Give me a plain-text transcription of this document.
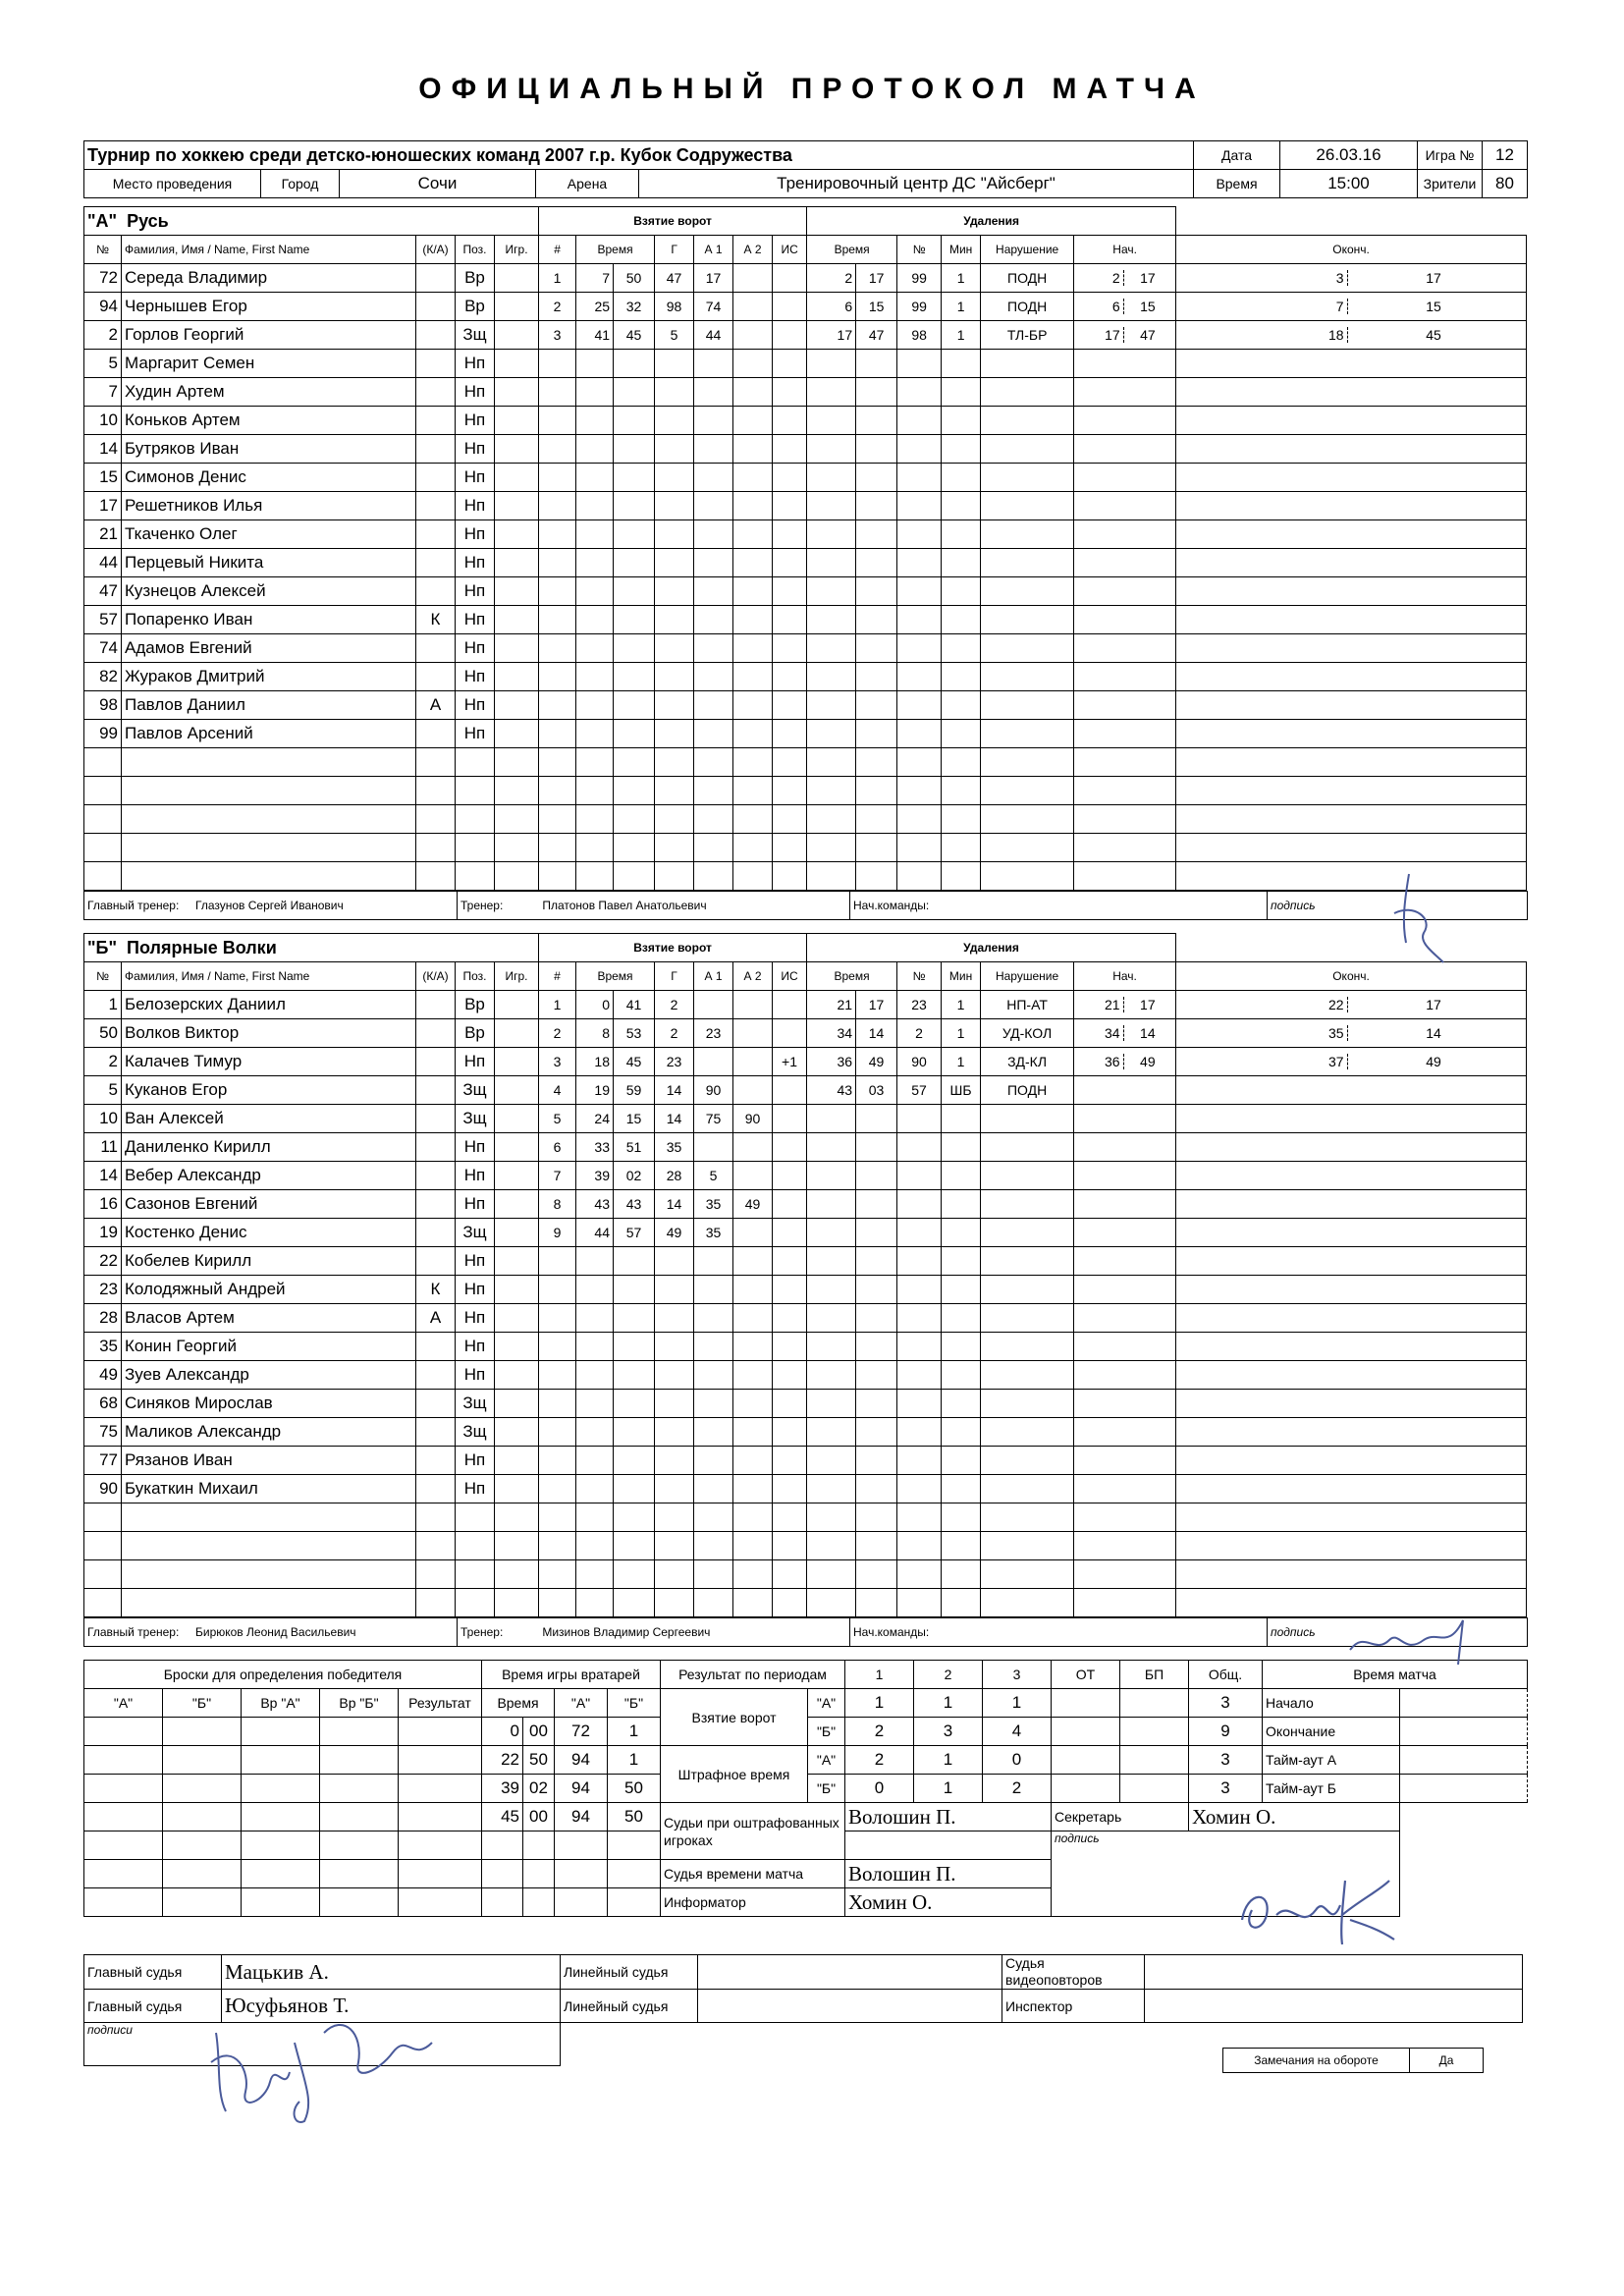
ОФИЦИАЛЬНЫЙ ПРОТОКОЛ МАТЧА
Турнир по хоккею среди детско-юношеских команд 2007 г.р. Кубок Содружества					Дата	26.03.16	Игра №	12
Место проведения	Город	Сочи	Арена	Тренировочный центр ДС "Айсберг"	Время	15:00	Зрители	80
"А" Русь					Взятие ворот							Удаления						
№	Фамилия, Имя / Name, First Name	(К/А)	Поз.	Игр.	#	Время		Г	А 1	А 2	ИС	Время		№	Мин	Нарушение	Нач.	Оконч.
72	Середа Владимир		Вр		1	7	50	47	17			2	17	99	1	ПОДН	2 17	3 17
94	Чернышев Егор		Вр		2	25	32	98	74			6	15	99	1	ПОДН	6 15	7 15
2	Горлов Георгий		Зщ		3	41	45	5	44			17	47	98	1	ТЛ-БР	17 47	18 45
5	Маргарит Семен		Нп															
7	Худин Артем		Нп															
10	Коньков Артем		Нп															
14	Бутряков Иван		Нп															
15	Симонов Денис		Нп															
17	Решетников Илья		Нп															
21	Ткаченко Олег		Нп															
44	Перцевый Никита		Нп															
47	Кузнецов Алексей		Нп															
57	Попаренко Иван	К	Нп															
74	Адамов Евгений		Нп															
82	Жураков Дмитрий		Нп															
98	Павлов Даниил	А	Нп															
99	Павлов Арсений		Нп															

Главный тренер: Глазунов Сергей Иванович	Тренер:	Платонов Павел Анатольевич	Нач.команды:	подпись
"Б" Полярные Волки					Взятие ворот							Удаления						
№	Фамилия, Имя / Name, First Name	(К/А)	Поз.	Игр.	#	Время		Г	А 1	А 2	ИС	Время		№	Мин	Нарушение	Нач.	Оконч.
1	Белозерских Даниил		Вр		1	0	41	2				21	17	23	1	НП-АТ	21 17	22 17
50	Волков Виктор		Вр		2	8	53	2	23			34	14	2	1	УД-КОЛ	34 14	35 14
2	Калачев Тимур		Нп		3	18	45	23			+1	36	49	90	1	ЗД-КЛ	36 49	37 49
5	Куканов Егор		Зщ		4	19	59	14	90			43	03	57	ШБ	ПОДН		
10	Ван Алексей		Зщ		5	24	15	14	75	90								
11	Даниленко Кирилл		Нп		6	33	51	35										
14	Вебер Александр		Нп		7	39	02	28	5									
16	Сазонов Евгений		Нп		8	43	43	14	35	49								
19	Костенко Денис		Зщ		9	44	57	49	35									
22	Кобелев Кирилл		Нп															
23	Колодяжный Андрей	К	Нп															
28	Власов Артем	А	Нп															
35	Конин Георгий		Нп															
49	Зуев Александр		Нп															
68	Синяков Мирослав		Зщ															
75	Маликов Александр		Зщ															
77	Рязанов Иван		Нп															
90	Букаткин Михаил		Нп															

Главный тренер: Бирюков Леонид Васильевич	Тренер:	Мизинов Владимир Сергеевич	Нач.команды:	подпись
Броски для определения победителя					Время игры вратарей				Результат по периодам		1	2	3	ОТ	БП	Общ.	Время матча	
"А"	"Б"	Вр "А"	Вр "Б"	Результат	Время		"А"	"Б"	Взятие ворот	"А"	1	1	1			3	Начало	
					0	00	72	1		"Б"	2	3	4			9	Окончание	
					22	50	94	1	Штрафное время	"А"	2	1	0			3	Тайм-аут А	
					39	02	94	50		"Б"	0	1	2			3	Тайм-аут Б	
					45	00	94	50	Судьи при оштрафованных игроках		Волошин П.			Секретарь		Хомин О.		
														подпись				
									Судья времени матча		Волошин П.							
									Информатор		Хомин О.							
Главный судья	Мацькив А.	Линейный судья		Судья видеоповторов	
Главный судья	Юсуфьянов Т.	Линейный судья		Инспектор	
подписи					
Замечания на обороте	Да
